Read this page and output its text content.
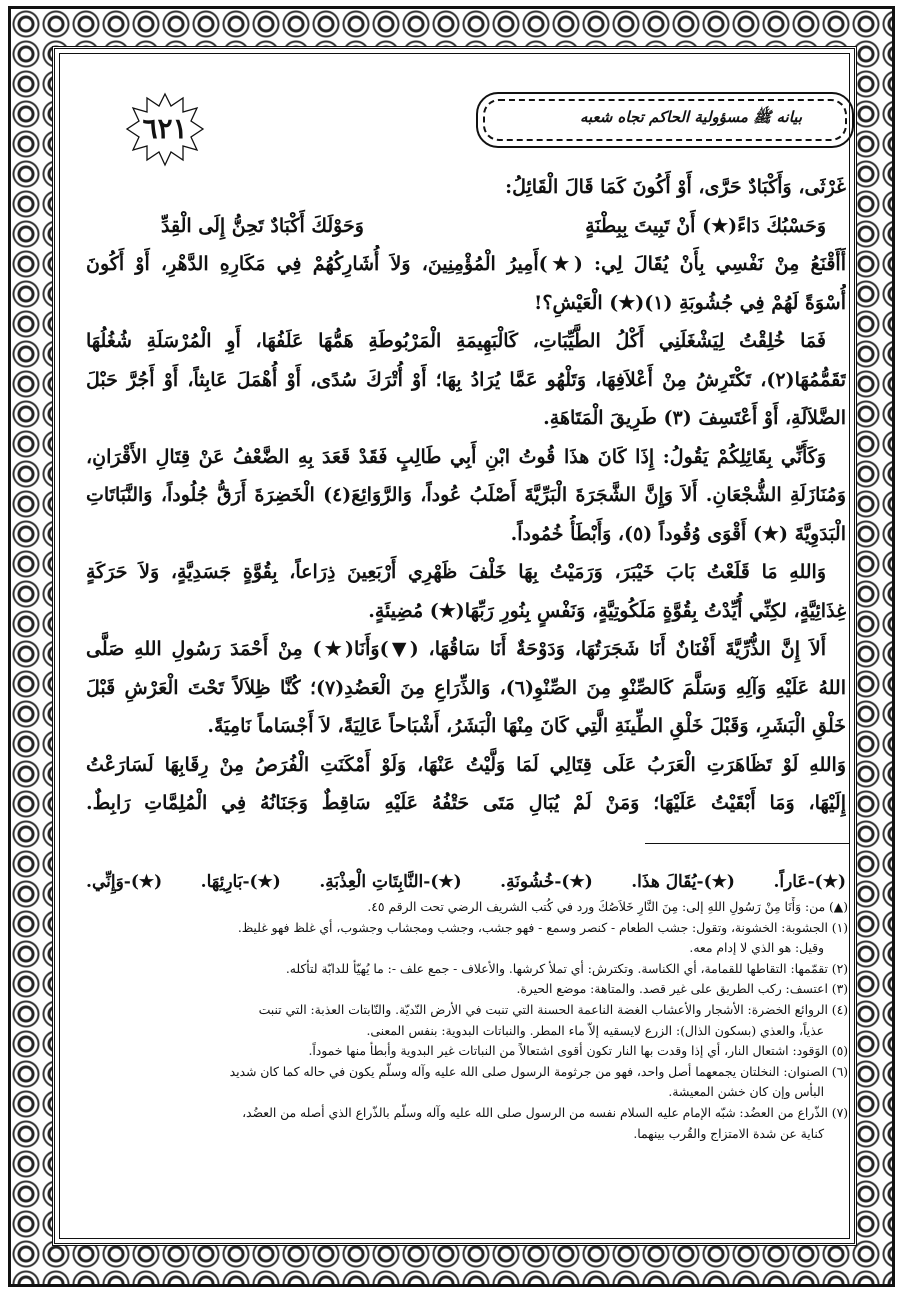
٦٢١	بيانه ﷺ مسؤولية الحاكم تجاه شعبه
غَرْثَى، وَأَكْبَادٌ حَرَّى، أَوْ أَكُونَ كَمَا قَالَ الْقَائِلُ:
وَحَسْبُكَ دَاءً(★) أَنْ تَبِيتَ بِبِطْنَةٍ
وَحَوْلَكَ أَكْبَادٌ تَحِنُّ إِلَى الْقِدِّ
أَأَقْنَعُ مِنْ نَفْسِي بِأَنْ يُقَالَ لِي: (★)أَمِيرُ الْمُؤْمِنِينَ، وَلاَ أُشَارِكُهُمْ فِي مَكَارِهِ الدَّهْرِ، أَوْ أَكُونَ
أُسْوَةً لَهُمْ فِي جُشُوبَةِ (١)(★) الْعَيْشِ؟!
فَمَا خُلِقْتُ لِيَشْغَلَنِي أَكْلُ الطَّيِّبَاتِ، كَالْبَهِيمَةِ الْمَرْبُوطَةِ هَمُّهَا عَلَفُهَا، أَوِ الْمُرْسَلَةِ شُغُلُهَا
تَقَمُّمُهَا(٢)، تَكْتَرِشُ مِنْ أَعْلاَفِهَا، وَتَلْهُو عَمَّا يُرَادُ بِهَا؛ أَوْ أُتْرَكَ سُدًى، أَوْ أُهْمَلَ عَابِثاً، أَوْ أَجُرَّ حَبْلَ
الضَّلاَلَةِ، أَوْ أَعْتَسِفَ (٣) طَرِيقَ الْمَتَاهَةِ.
وَكَأَنِّي بِقَائِلِكُمْ يَقُولُ: إِذَا كَانَ هذَا قُوتُ ابْنِ أَبِي طَالِبٍ فَقَدْ قَعَدَ بِهِ الضَّعْفُ عَنْ قِتَالِ الأَقْرَانِ،
وَمُنَازَلَةِ الشُّجْعَانِ. أَلاَ وَإِنَّ الشَّجَرَةَ الْبَرِّيَّةَ أَصْلَبُ عُوداً، وَالرَّوَائِعَ(٤) الْخَضِرَةَ أَرَقُّ جُلُوداً، وَالنَّبَاتَاتِ
الْبَدَوِيَّةَ (★) أَقْوَى وُقُوداً (٥)، وَأَبْطَأُ خُمُوداً.
وَاللهِ مَا قَلَعْتُ بَابَ خَيْبَرَ، وَرَمَيْتُ بِهَا خَلْفَ ظَهْرِي أَرْبَعِينَ ذِرَاعاً، بِقُوَّةٍ جَسَدِيَّةٍ، وَلاَ حَرَكَةٍ
غِذَائِيَّةٍ، لكِنِّي أُيِّدْتُ بِقُوَّةٍ مَلَكُوتِيَّةٍ، وَنَفْسٍ بِنُورِ رَبِّهَا(★) مُضِيئَةٍ.
أَلاَ إِنَّ الذُّرِّيَّةَ أَفْنَانٌ أَنَا شَجَرَتُهَا، وَدَوْحَةٌ أَنَا سَاقُهَا، (▼)وَأَنَا(★) مِنْ أَحْمَدَ رَسُولِ اللهِ صَلَّى
اللهُ عَلَيْهِ وَآلِهِ وَسَلَّمَ كَالصِّنْوِ مِنَ الصِّنْوِ(٦)، وَالذِّرَاعِ مِنَ الْعَضُدِ(٧)؛ كُنَّا ظِلاَلاً تَحْتَ الْعَرْشِ قَبْلَ
خَلْقِ الْبَشَرِ، وَقَبْلَ خَلْقِ الطِّينَةِ الَّتِي كَانَ مِنْهَا الْبَشَرُ، أَشْبَاحاً عَالِيَةً، لاَ أَجْسَاماً نَامِيَةً.
وَاللهِ لَوْ تَظَاهَرَتِ الْعَرَبُ عَلَى قِتَالِي لَمَا وَلَّيْتُ عَنْهَا، وَلَوْ أَمْكَنَتِ الْفُرَصُ مِنْ رِقَابِهَا لَسَارَعْتُ
إِلَيْهَا، وَمَا أَبْقَيْتُ عَلَيْهَا؛ وَمَنْ لَمْ يُبَالِ مَتَى حَتْفُهُ عَلَيْهِ سَاقِطٌ وَجَنَانُهُ فِي الْمُلِمَّاتِ رَابِطٌ.
(★)-عَاراً.
(★)-يُقَالَ هذَا.
(★)-خُشُونَةِ.
(★)-النَّابِتَاتِ الْعِذْبَةِ.
(★)-بَارِئِهَا.
(★)-وَإِنِّي.
(▲) من: وَأَنَا مِنْ رَسُولِ اللهِ إلى: مِنَ النَّارِ خَلاَصُكَ ورد في كُتب الشريف الرضي تحت الرقم ٤٥.
(١) الجشوبة: الخشونة، وتقول: جشب الطعام - كنصر وسمع - فهو جشب، وجشب ومجشاب وجشوب، أي غلظ فهو غليظ.
وقيل: هو الذي لا إدام معه.
(٢) تقمّمها: التقاطها للقمامة، أي الكناسة. وتكترش: أي تملأ كرشها. والأعلاف - جمع علف -: ما يُهيّأ للدابّة لتأكله.
(٣) اعتسف: ركب الطريق على غير قصد. والمتاهة: موضع الحيرة.
(٤) الروائع الخضرة: الأشجار والأعشاب الغضة الناعمة الحسنة التي تنبت في الأرض النّديّة. والنّابتات العذبة: التي تنبت
عذياً، والعذي (بسكون الذال): الزرع لايسقيه إلاّ ماء المطر. والنباتات البدوية: بنفس المعنى.
(٥) الوَقود: اشتعال النار، أي إذا وقدت بها النار تكون أقوى اشتعالاً من النباتات غير البدوية وأبطأ منها خموداً.
(٦) الصنوان: النخلتان يجمعهما أصل واحد، فهو من جرثومة الرسول صلى الله عليه وآله وسلّم يكون في حاله كما كان شديد
البأس وإن كان خشن المعيشة.
(٧) الذّراع من العضُد: شبّه الإمام عليه السلام نفسه من الرسول صلى الله عليه وآله وسلّم بالذّراع الذي أصله من العضُد،
كناية عن شدة الامتزاج والقُرب بينهما.
